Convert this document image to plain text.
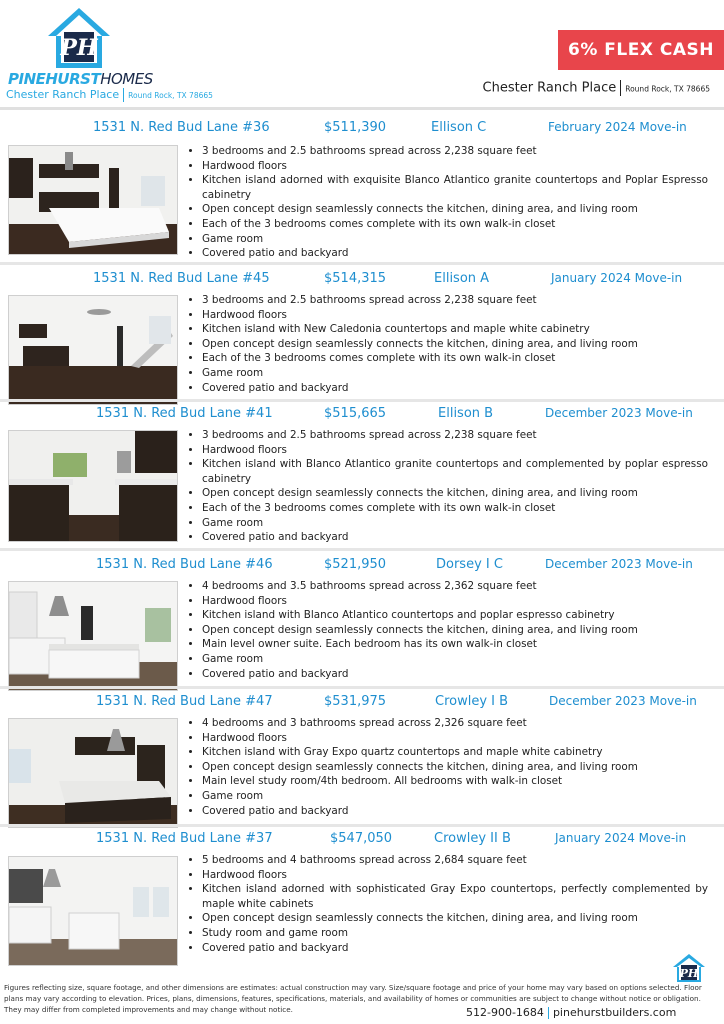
PH
PINEHURSTHOMES
Chester Ranch Place Round Rock, TX 78665
6% FLEX CASH
Chester Ranch Place Round Rock, TX 78665
1531 N. Red Bud Lane #36	$511,390	Ellison C	February 2024 Move-in
• 3 bedrooms and 2.5 bathrooms spread across 2,238 square feet
• Hardwood floors
• Kitchen island adorned with exquisite Blanco Atlantico granite countertops and Poplar Espresso cabinetry
• Open concept design seamlessly connects the kitchen, dining area, and living room
• Each of the 3 bedrooms comes complete with its own walk-in closet
• Game room
• Covered patio and backyard
1531 N. Red Bud Lane #45	$514,315	Ellison A	January 2024 Move-in
• 3 bedrooms and 2.5 bathrooms spread across 2,238 square feet
• Hardwood floors
• Kitchen island with New Caledonia countertops and maple white cabinetry
• Open concept design seamlessly connects the kitchen, dining area, and living room
• Each of the 3 bedrooms comes complete with its own walk-in closet
• Game room
• Covered patio and backyard
1531 N. Red Bud Lane #41	$515,665	Ellison B	December 2023 Move-in
• 3 bedrooms and 2.5 bathrooms spread across 2,238 square feet
• Hardwood floors
• Kitchen island with Blanco Atlantico granite countertops and complemented by poplar espresso cabinetry
• Open concept design seamlessly connects the kitchen, dining area, and living room
• Each of the 3 bedrooms comes complete with its own walk-in closet
• Game room
• Covered patio and backyard
1531 N. Red Bud Lane #46	$521,950	Dorsey I C	December 2023 Move-in
• 4 bedrooms and 3.5 bathrooms spread across 2,362 square feet
• Hardwood floors
• Kitchen island with Blanco Atlantico countertops and poplar espresso cabinetry
• Open concept design seamlessly connects the kitchen, dining area, and living room
• Main level owner suite. Each bedroom has its own walk-in closet
• Game room
• Covered patio and backyard
1531 N. Red Bud Lane #47	$531,975	Crowley I B	December 2023 Move-in
• 4 bedrooms and 3 bathrooms spread across 2,326 square feet
• Hardwood floors
• Kitchen island with Gray Expo quartz countertops and maple white cabinetry
• Open concept design seamlessly connects the kitchen, dining area, and living room
• Main level study room/4th bedroom. All bedrooms with walk-in closet
• Game room
• Covered patio and backyard
1531 N. Red Bud Lane #37	$547,050	Crowley II B	January 2024 Move-in
• 5 bedrooms and 4 bathrooms spread across 2,684 square feet
• Hardwood floors
• Kitchen island adorned with sophisticated Gray Expo countertops, perfectly complemented by maple white cabinets
• Open concept design seamlessly connects the kitchen, dining area, and living room
• Study room and game room
• Covered patio and backyard
PH
Figures reflecting size, square footage, and other dimensions are estimates: actual construction may vary. Size/square footage and price of your home may vary based on options selected. Floor plans may vary according to elevation. Prices, plans, dimensions, features, specifications, materials, and availability of homes or communities are subject to change without notice or obligation. They may differ from completed improvements and may change without notice.	512-900-1684 pinehurstbuilders.com
